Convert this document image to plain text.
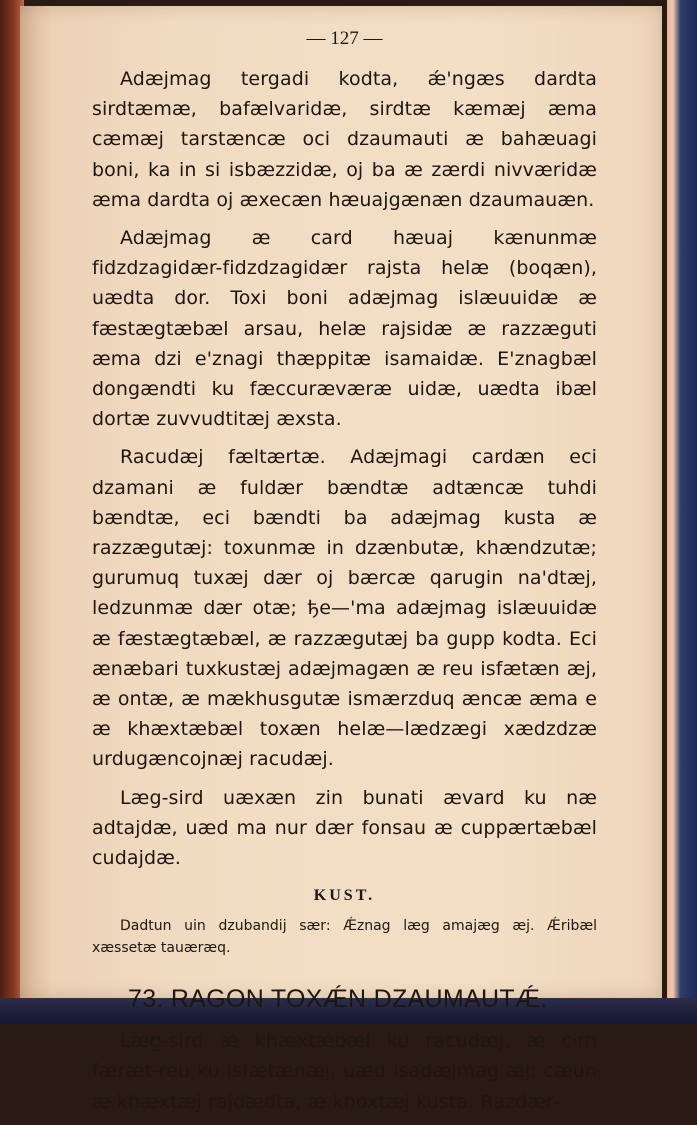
— 127 —

Adæjmag tergadi kodta, ǽ'ngæs dardta sirdtæmæ, bafælvaridæ, sirdtæ kæmæj æma cæmæj tarstæncæ oci dzaumauti æ bahæuagi boni, ka in si isbæzzidæ, oj ba æ zærdi nivværidæ æma dardta oj æxecæn hæuajgænæn dzaumauæn.

Adæjmag æ card hæuaj kænunmæ fidzdzagidær-fidzdzagidær rajsta helæ (boqæn), uædta dor. Toxi boni adæjmag islæuuidæ æ fæstægtæbæl arsau, helæ rajsidæ æ razzæguti æma dzi e'znagi thæppitæ isamaidæ. E'znagbæl dongændti ku fæccuræværæ uidæ, uædta ibæl dortæ zuvvudtitæj æxsta.

Racudæj fæltærtæ. Adæjmagi cardæn eci dzamani æ fuldær bændtæ adtæncæ tuhdi bændtæ, eci bændti ba adæjmag kusta æ razzægutæj: toxunmæ in dzænbutæ, khændzutæ; gurumuq tuxæj dær oj bærcæ qarugin na'dtæj, ledzunmæ dær otæ; ђe—'ma adæjmag islæuuidæ æ fæstægtæbæl, æ razzægutæj ba gupp kodta. Eci ænæbari tuxkustæj adæjmagæn æ reu isfætæn æj, æ ontæ, æ mækhusgutæ ismærzduq æncæ æma e æ khæxtæbæl toxæn helæ—lædzægi xædzdzæ urdugæncojnæj racudæj.

Læg-sird uæxæn zin bunati ævard ku næ adtajdæ, uæd ma nur dær fonsau æ cuppærtæbæl cudajdæ.

KUST.

Dadtun uin dzubandij sær: Ǽznag læg amajæg æj. Ǽribæl xæssetæ tauæræq.

73. RAGON TOXǼN DZAUMAUTǼ.

Læg-sird æ khæxtæbæl ku racudæj, æ cirh færæt-reu ku isfætænæj, uæd isadæjmag æj: cæun æ khæxtæj rajdædta, æ khoxtæj kusta. Razdær-
